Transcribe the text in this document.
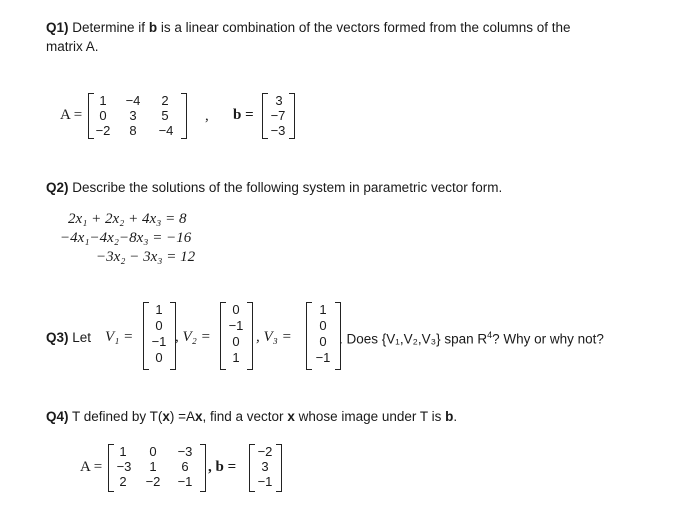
Q1) Determine if b is a linear combination of the vectors formed from the columns of the
matrix A.
A =
1	−4	2
0	3	5
−2	8	−4
, b =
3
−7
−3
Q2) Describe the solutions of the following system in parametric vector form.
2x₁ + 2x₂ + 4x₃ = 8
−4x₁−4x₂−8x₃ = −16
−3x₂ − 3x₃ = 12
Q3) Let V₁ =
1
0
−1
0
, V₂ =
0
−1
0
1
, V₃ =
1
0
0
−1
. Does {V₁,V₂,V₃} span $R^4$? Why or why not?
Q4) T defined by T(x) =Ax, find a vector x whose image under T is b.
A =
1	0	−3
−3	1	6
2	−2	−1
, b =
−2
3
−1
